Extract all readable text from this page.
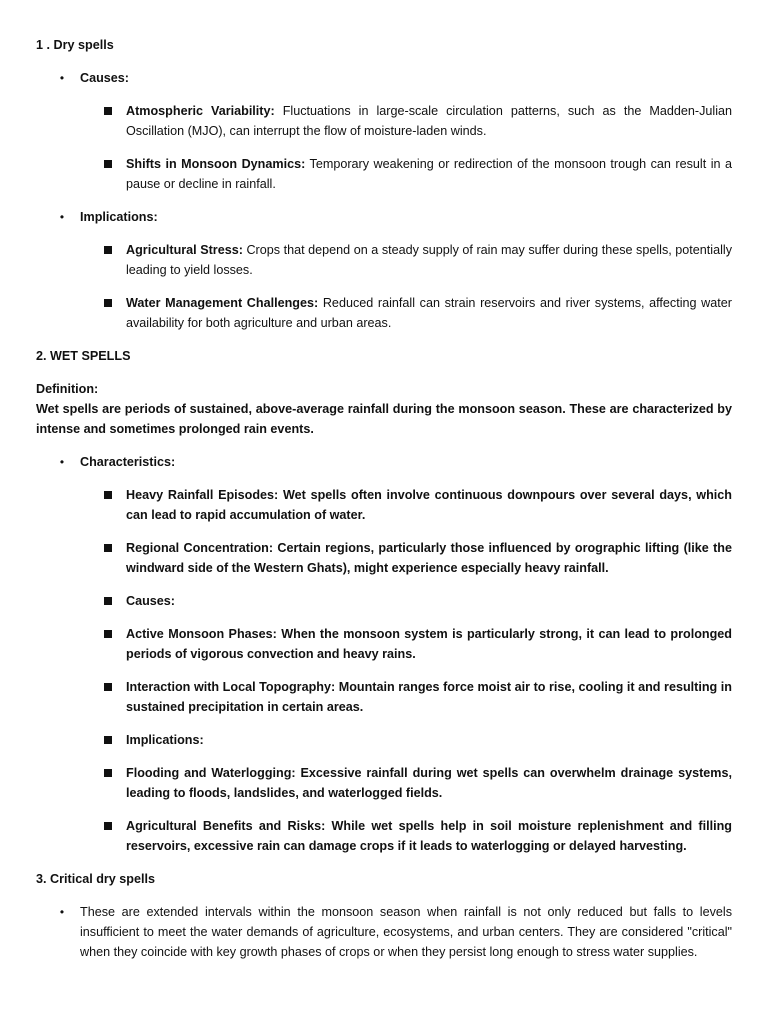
1 . Dry spells
•	Causes:
Atmospheric Variability: Fluctuations in large-scale circulation patterns, such as the Madden-Julian Oscillation (MJO), can interrupt the flow of moisture-laden winds.
Shifts in Monsoon Dynamics: Temporary weakening or redirection of the monsoon trough can result in a pause or decline in rainfall.
•	Implications:
Agricultural Stress: Crops that depend on a steady supply of rain may suffer during these spells, potentially leading to yield losses.
Water Management Challenges: Reduced rainfall can strain reservoirs and river systems, affecting water availability for both agriculture and urban areas.
2. WET SPELLS
Definition:
Wet spells are periods of sustained, above-average rainfall during the monsoon season. These are characterized by intense and sometimes prolonged rain events.
•	Characteristics:
Heavy Rainfall Episodes: Wet spells often involve continuous downpours over several days, which can lead to rapid accumulation of water.
Regional Concentration: Certain regions, particularly those influenced by orographic lifting (like the windward side of the Western Ghats), might experience especially heavy rainfall.
Causes:
Active Monsoon Phases: When the monsoon system is particularly strong, it can lead to prolonged periods of vigorous convection and heavy rains.
Interaction with Local Topography: Mountain ranges force moist air to rise, cooling it and resulting in sustained precipitation in certain areas.
Implications:
Flooding and Waterlogging: Excessive rainfall during wet spells can overwhelm drainage systems, leading to floods, landslides, and waterlogged fields.
Agricultural Benefits and Risks: While wet spells help in soil moisture replenishment and filling reservoirs, excessive rain can damage crops if it leads to waterlogging or delayed harvesting.
3. Critical dry spells
•	These are extended intervals within the monsoon season when rainfall is not only reduced but falls to levels insufficient to meet the water demands of agriculture, ecosystems, and urban centers. They are considered "critical" when they coincide with key growth phases of crops or when they persist long enough to stress water supplies.
